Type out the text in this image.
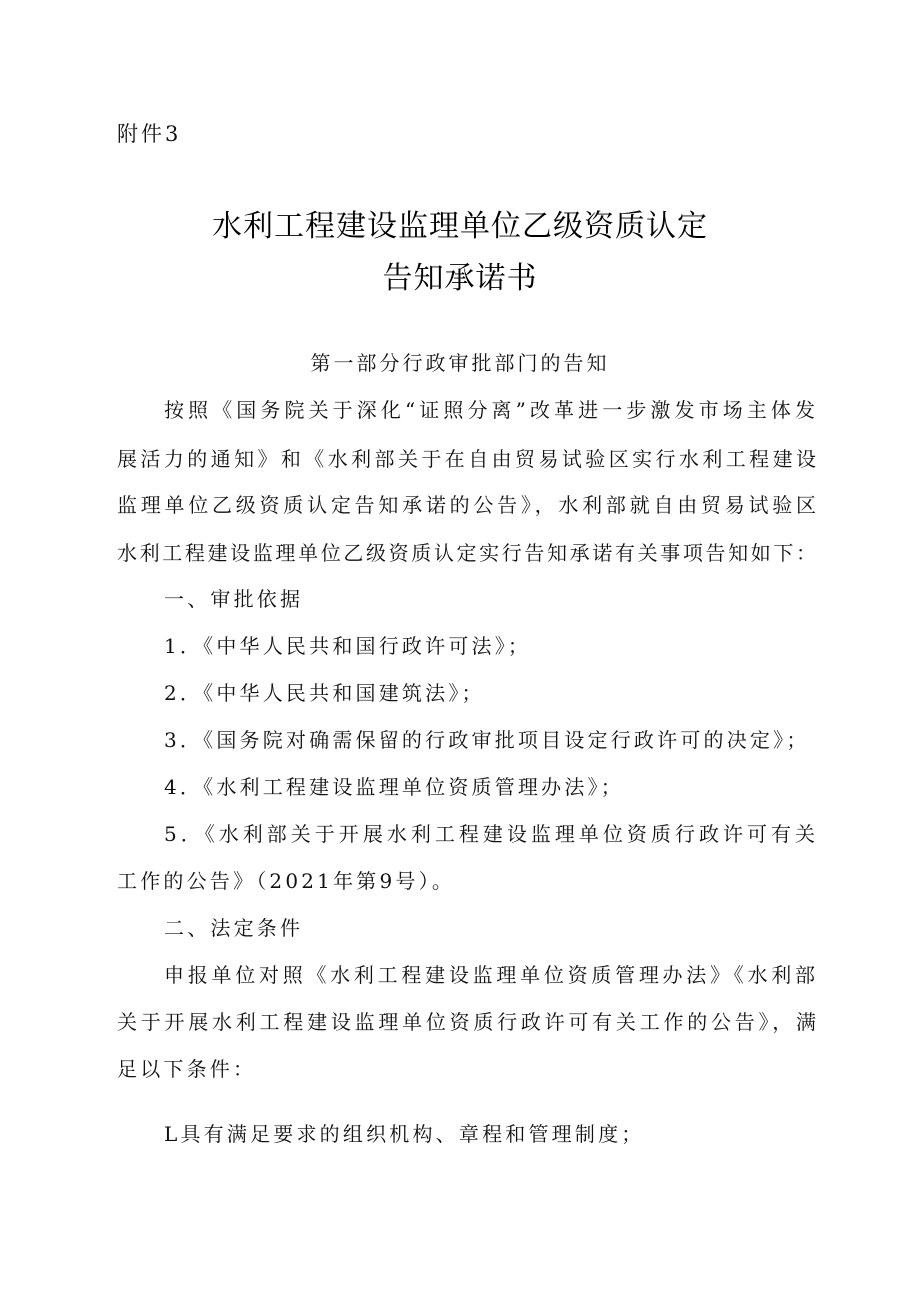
附件3
水利工程建设监理单位乙级资质认定
告知承诺书
第一部分行政审批部门的告知
按照《国务院关于深化“证照分离”改革进一步激发市场主体发
展活力的通知》和《水利部关于在自由贸易试验区实行水利工程建设
监理单位乙级资质认定告知承诺的公告》，水利部就自由贸易试验区
水利工程建设监理单位乙级资质认定实行告知承诺有关事项告知如下：
一、审批依据
1．《中华人民共和国行政许可法》；
2．《中华人民共和国建筑法》；
3．《国务院对确需保留的行政审批项目设定行政许可的决定》；
4．《水利工程建设监理单位资质管理办法》；
5．《水利部关于开展水利工程建设监理单位资质行政许可有关
工作的公告》（2021年第9号）。
二、法定条件
申报单位对照《水利工程建设监理单位资质管理办法》《水利部
关于开展水利工程建设监理单位资质行政许可有关工作的公告》，满
足以下条件：
L具有满足要求的组织机构、章程和管理制度；
